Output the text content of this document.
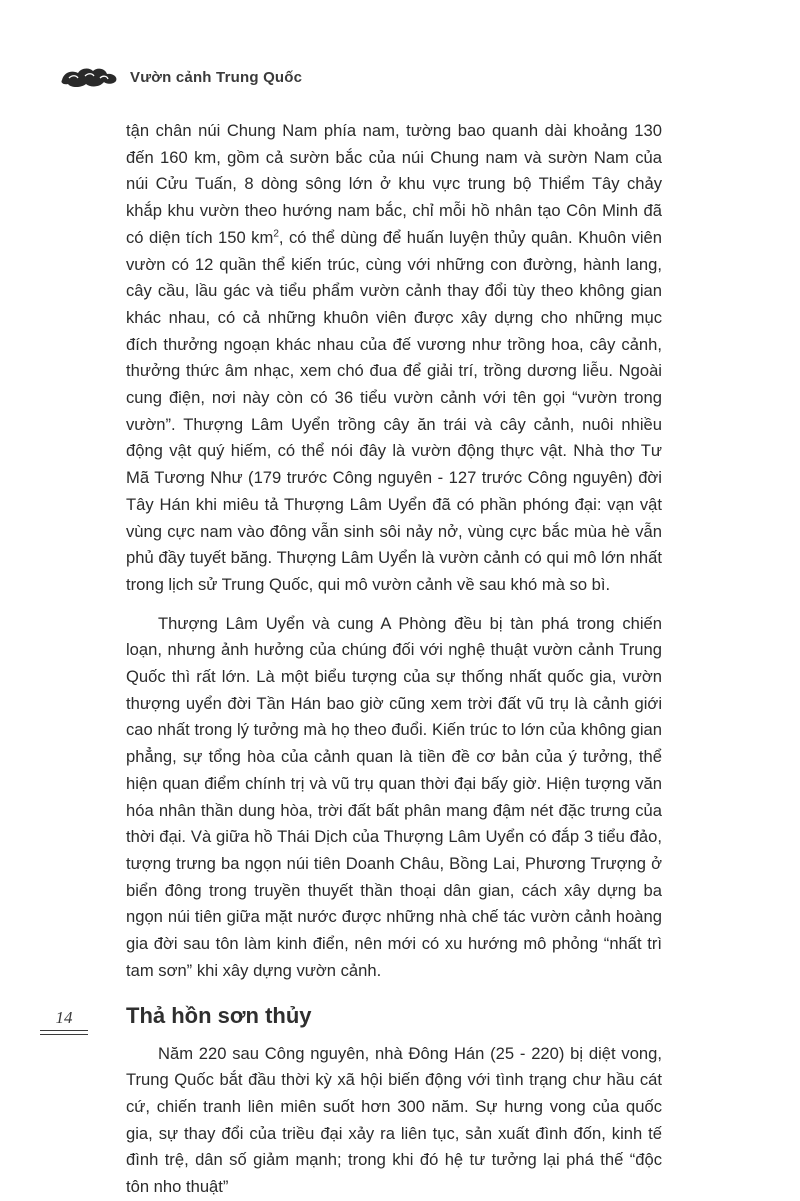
Vườn cảnh Trung Quốc

tận chân núi Chung Nam phía nam, tường bao quanh dài khoảng 130 đến 160 km, gồm cả sườn bắc của núi Chung nam và sườn Nam của núi Cửu Tuấn, 8 dòng sông lớn ở khu vực trung bộ Thiểm Tây chảy khắp khu vườn theo hướng nam bắc, chỉ mỗi hồ nhân tạo Côn Minh đã có diện tích 150 $km^2$, có thể dùng để huấn luyện thủy quân. Khuôn viên vườn có 12 quần thể kiến trúc, cùng với những con đường, hành lang, cây cầu, lầu gác và tiểu phẩm vườn cảnh thay đổi tùy theo không gian khác nhau, có cả những khuôn viên được xây dựng cho những mục đích thưởng ngoạn khác nhau của đế vương như trồng hoa, cây cảnh, thưởng thức âm nhạc, xem chó đua để giải trí, trồng dương liễu. Ngoài cung điện, nơi này còn có 36 tiểu vườn cảnh với tên gọi “vườn trong vườn”. Thượng Lâm Uyển trồng cây ăn trái và cây cảnh, nuôi nhiều động vật quý hiếm, có thể nói đây là vườn động thực vật. Nhà thơ Tư Mã Tương Như (179 trước Công nguyên - 127 trước Công nguyên) đời Tây Hán khi miêu tả Thượng Lâm Uyển đã có phần phóng đại: vạn vật vùng cực nam vào đông vẫn sinh sôi nảy nở, vùng cực bắc mùa hè vẫn phủ đầy tuyết băng. Thượng Lâm Uyển là vườn cảnh có qui mô lớn nhất trong lịch sử Trung Quốc, qui mô vườn cảnh về sau khó mà so bì.

Thượng Lâm Uyển và cung A Phòng đều bị tàn phá trong chiến loạn, nhưng ảnh hưởng của chúng đối với nghệ thuật vườn cảnh Trung Quốc thì rất lớn. Là một biểu tượng của sự thống nhất quốc gia, vườn thượng uyển đời Tần Hán bao giờ cũng xem trời đất vũ trụ là cảnh giới cao nhất trong lý tưởng mà họ theo đuổi. Kiến trúc to lớn của không gian phẳng, sự tổng hòa của cảnh quan là tiền đề cơ bản của ý tưởng, thể hiện quan điểm chính trị và vũ trụ quan thời đại bấy giờ. Hiện tượng văn hóa nhân thần dung hòa, trời đất bất phân mang đậm nét đặc trưng của thời đại. Và giữa hồ Thái Dịch của Thượng Lâm Uyển có đắp 3 tiểu đảo, tượng trưng ba ngọn núi tiên Doanh Châu, Bồng Lai, Phương Trượng ở biển đông trong truyền thuyết thần thoại dân gian, cách xây dựng ba ngọn núi tiên giữa mặt nước được những nhà chế tác vườn cảnh hoàng gia đời sau tôn làm kinh điển, nên mới có xu hướng mô phỏng “nhất trì tam sơn” khi xây dựng vườn cảnh.

Thả hồn sơn thủy

Năm 220 sau Công nguyên, nhà Đông Hán (25 - 220) bị diệt vong, Trung Quốc bắt đầu thời kỳ xã hội biến động với tình trạng chư hầu cát cứ, chiến tranh liên miên suốt hơn 300 năm. Sự hưng vong của quốc gia, sự thay đổi của triều đại xảy ra liên tục, sản xuất đình đốn, kinh tế đình trệ, dân số giảm mạnh; trong khi đó hệ tư tưởng lại phá thế “độc tôn nho thuật”

14
